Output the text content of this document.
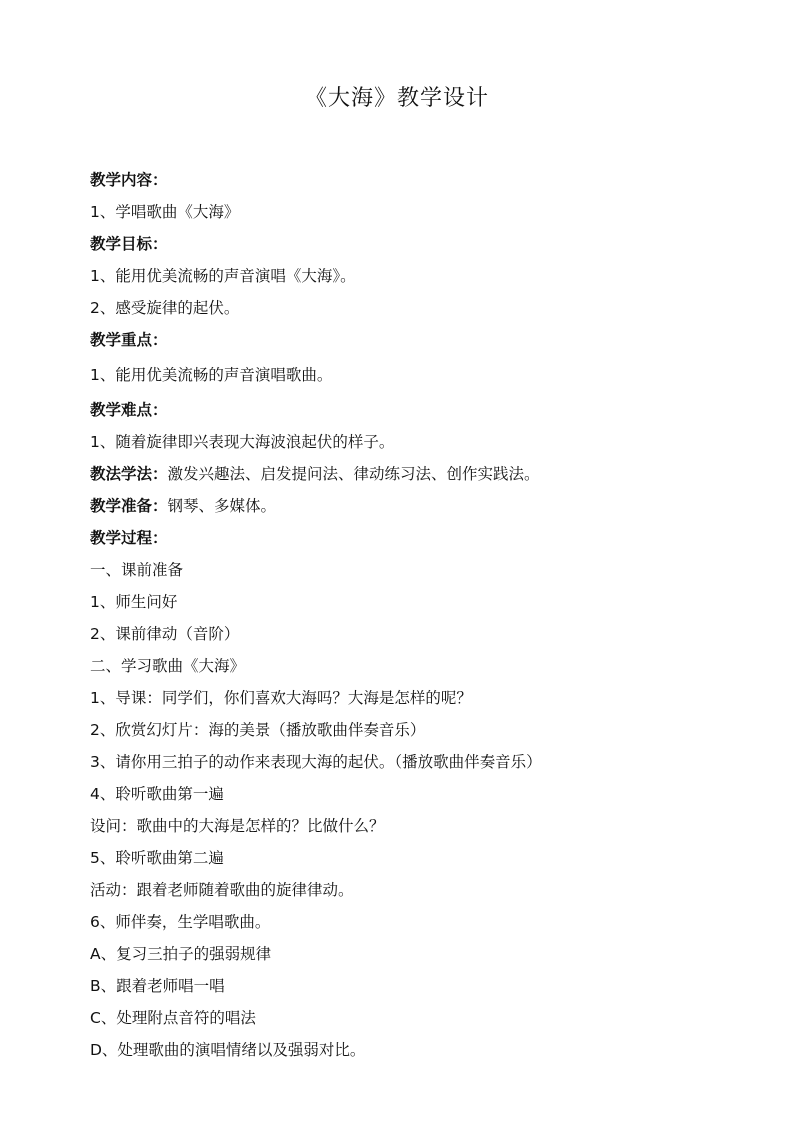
《大海》教学设计
教学内容：
1、学唱歌曲《大海》
教学目标：
1、能用优美流畅的声音演唱《大海》。
2、感受旋律的起伏。
教学重点：
1、能用优美流畅的声音演唱歌曲。
教学难点：
1、随着旋律即兴表现大海波浪起伏的样子。
教法学法：激发兴趣法、启发提问法、律动练习法、创作实践法。
教学准备：钢琴、多媒体。
教学过程：
一、课前准备
1、师生问好
2、课前律动（音阶）
二、学习歌曲《大海》
1、导课：同学们，你们喜欢大海吗？大海是怎样的呢？
2、欣赏幻灯片：海的美景（播放歌曲伴奏音乐）
3、请你用三拍子的动作来表现大海的起伏。（播放歌曲伴奏音乐）
4、聆听歌曲第一遍
设问：歌曲中的大海是怎样的？比做什么？
5、聆听歌曲第二遍
活动：跟着老师随着歌曲的旋律律动。
6、师伴奏，生学唱歌曲。
A、复习三拍子的强弱规律
B、跟着老师唱一唱
C、处理附点音符的唱法
D、处理歌曲的演唱情绪以及强弱对比。
